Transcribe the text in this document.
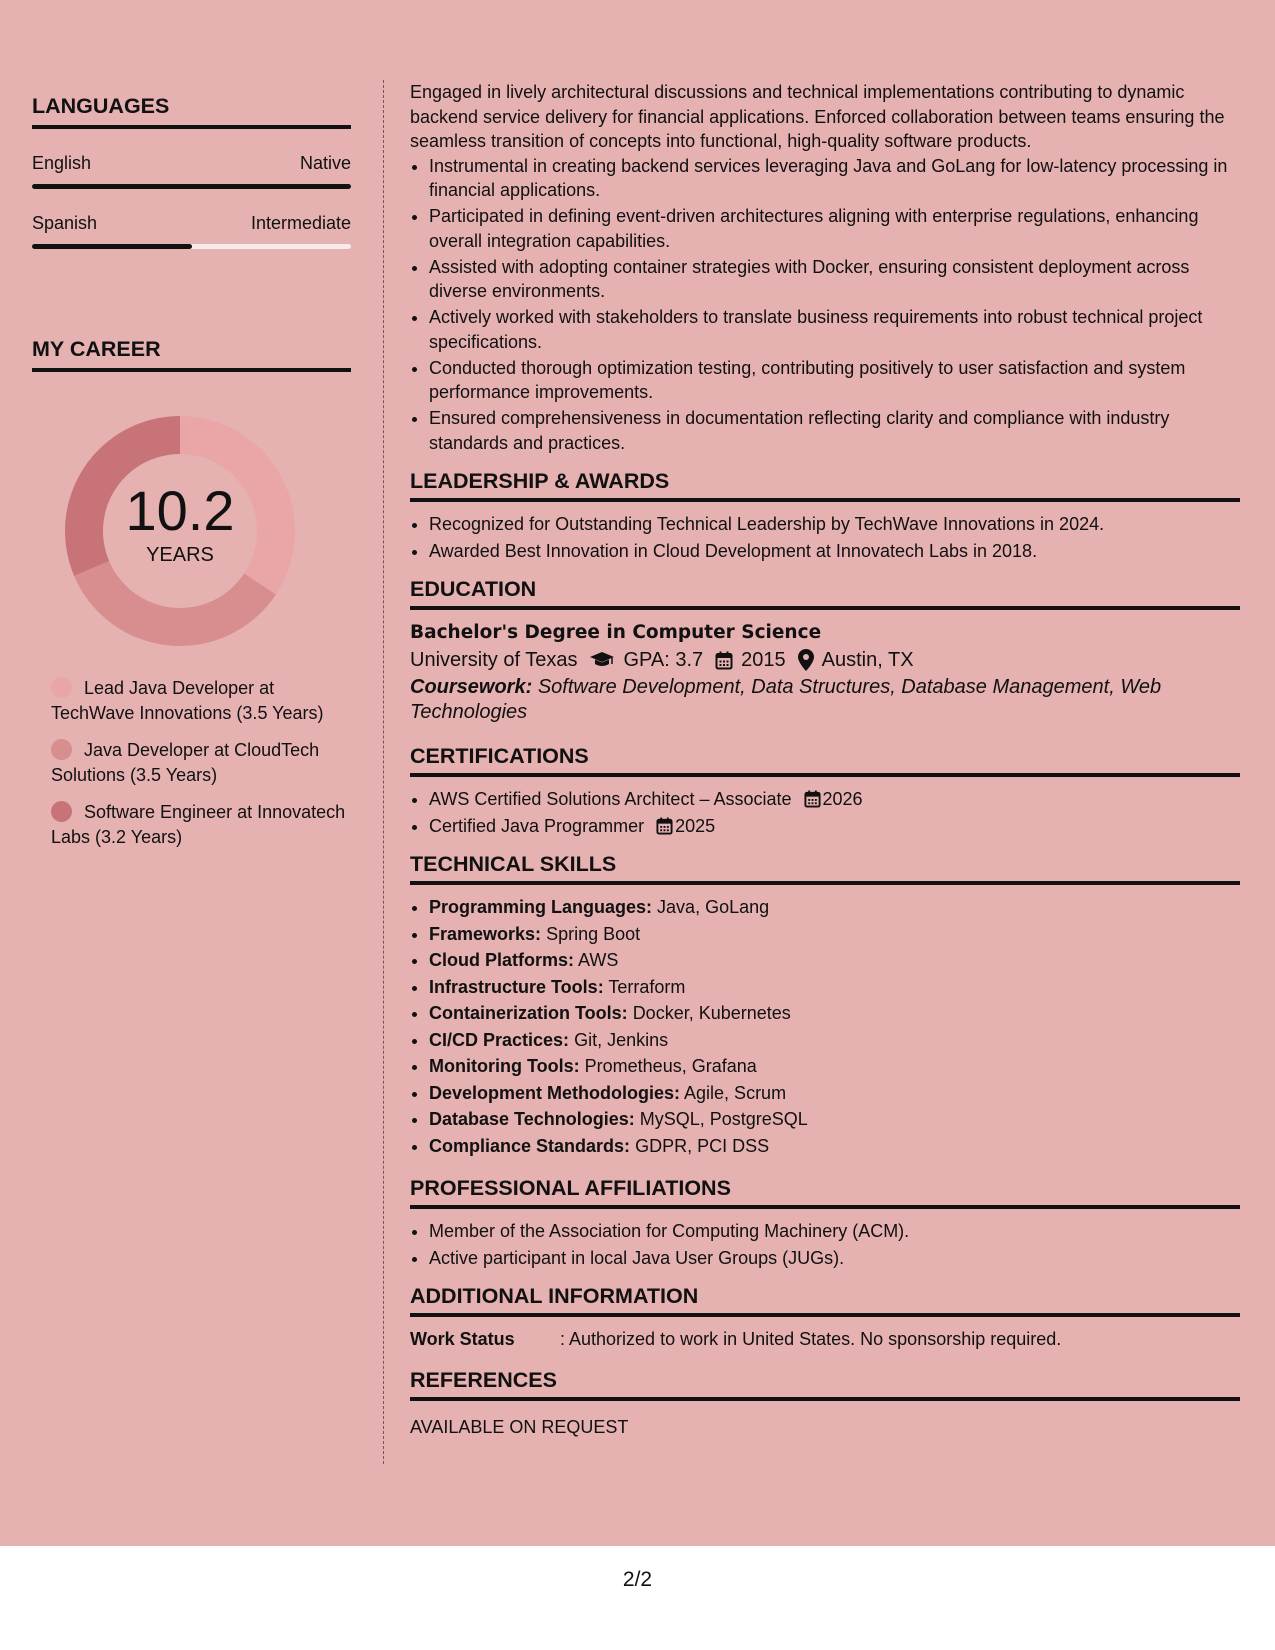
LANGUAGES
English	Native
Spanish	Intermediate
MY CAREER
10.2
YEARS
Lead Java Developer at TechWave Innovations (3.5 Years)
Java Developer at CloudTech Solutions (3.5 Years)
Software Engineer at Innovatech Labs (3.2 Years)
Engaged in lively architectural discussions and technical implementations contributing to dynamic backend service delivery for financial applications. Enforced collaboration between teams ensuring the seamless transition of concepts into functional, high-quality software products.
• Instrumental in creating backend services leveraging Java and GoLang for low-latency processing in financial applications.
• Participated in defining event-driven architectures aligning with enterprise regulations, enhancing overall integration capabilities.
• Assisted with adopting container strategies with Docker, ensuring consistent deployment across diverse environments.
• Actively worked with stakeholders to translate business requirements into robust technical project specifications.
• Conducted thorough optimization testing, contributing positively to user satisfaction and system performance improvements.
• Ensured comprehensiveness in documentation reflecting clarity and compliance with industry standards and practices.
LEADERSHIP & AWARDS
• Recognized for Outstanding Technical Leadership by TechWave Innovations in 2024.
• Awarded Best Innovation in Cloud Development at Innovatech Labs in 2018.
EDUCATION
Bachelor's Degree in Computer Science
University of Texas GPA: 3.7 2015 Austin, TX
Coursework: Software Development, Data Structures, Database Management, Web Technologies
CERTIFICATIONS
• AWS Certified Solutions Architect – Associate 2026
• Certified Java Programmer 2025
TECHNICAL SKILLS
• Programming Languages: Java, GoLang
• Frameworks: Spring Boot
• Cloud Platforms: AWS
• Infrastructure Tools: Terraform
• Containerization Tools: Docker, Kubernetes
• CI/CD Practices: Git, Jenkins
• Monitoring Tools: Prometheus, Grafana
• Development Methodologies: Agile, Scrum
• Database Technologies: MySQL, PostgreSQL
• Compliance Standards: GDPR, PCI DSS
PROFESSIONAL AFFILIATIONS
• Member of the Association for Computing Machinery (ACM).
• Active participant in local Java User Groups (JUGs).
ADDITIONAL INFORMATION
Work Status	: Authorized to work in United States. No sponsorship required.
REFERENCES
AVAILABLE ON REQUEST
2/2
